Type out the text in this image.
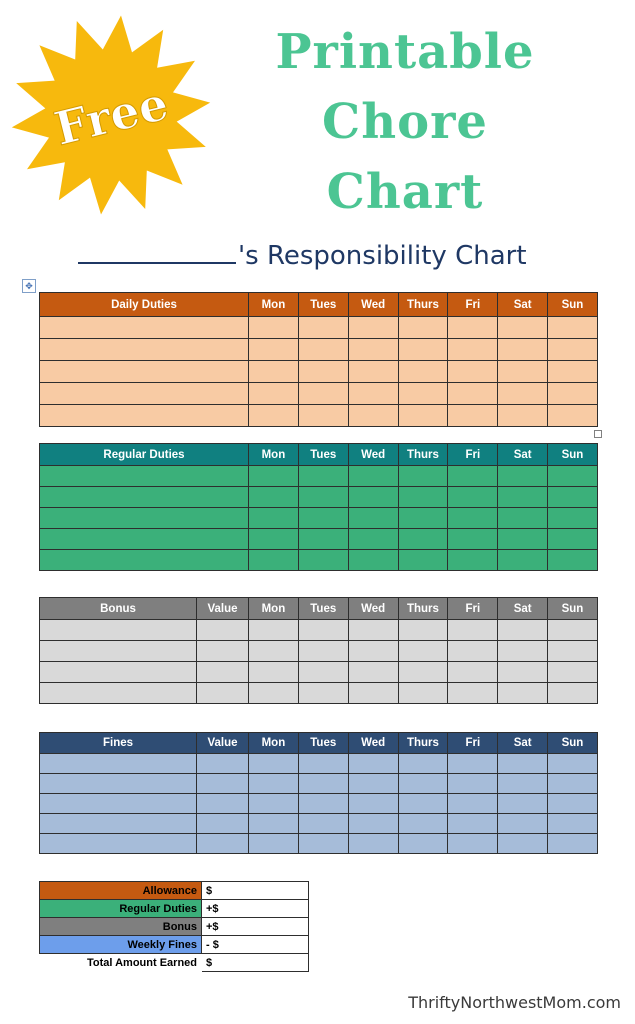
Free
Printable
Chore
Chart
's Responsibility Chart
✥
Daily Duties	Mon	Tues	Wed	Thurs	Fri	Sat	Sun

Regular Duties	Mon	Tues	Wed	Thurs	Fri	Sat	Sun

Bonus	Value	Mon	Tues	Wed	Thurs	Fri	Sat	Sun

Fines	Value	Mon	Tues	Wed	Thurs	Fri	Sat	Sun

Allowance	$
Regular Duties	+$
Bonus	+$
Weekly Fines	- $
Total Amount Earned	$
ThriftyNorthwestMom.com
